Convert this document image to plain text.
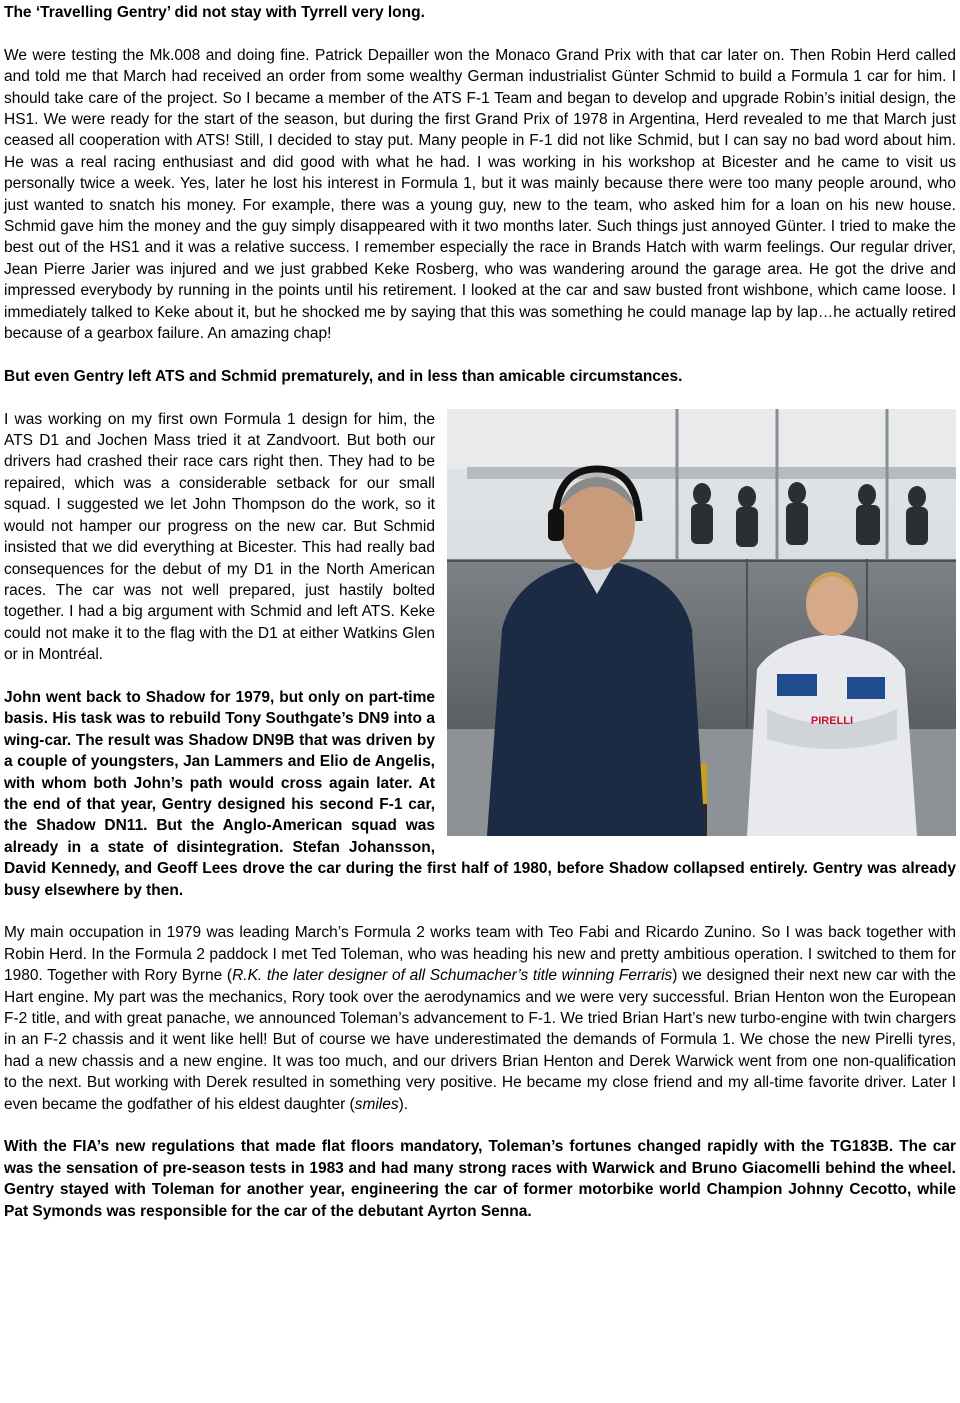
The ‘Travelling Gentry’ did not stay with Tyrrell very long.

We were testing the Mk.008 and doing fine. Patrick Depailler won the Monaco Grand Prix with that car later on. Then Robin Herd called and told me that March had received an order from some wealthy German industrialist Günter Schmid to build a Formula 1 car for him. I should take care of the project. So I became a member of the ATS F-1 Team and began to develop and upgrade Robin’s initial design, the HS1. We were ready for the start of the season, but during the first Grand Prix of 1978 in Argentina, Herd revealed to me that March just ceased all cooperation with ATS! Still, I decided to stay put. Many people in F-1 did not like Schmid, but I can say no bad word about him. He was a real racing enthusiast and did good with what he had. I was working in his workshop at Bicester and he came to visit us personally twice a week. Yes, later he lost his interest in Formula 1, but it was mainly because there were too many people around, who just wanted to snatch his money. For example, there was a young guy, new to the team, who asked him for a loan on his new house. Schmid gave him the money and the guy simply disappeared with it two months later. Such things just annoyed Günter. I tried to make the best out of the HS1 and it was a relative success. I remember especially the race in Brands Hatch with warm feelings. Our regular driver, Jean Pierre Jarier was injured and we just grabbed Keke Rosberg, who was wandering around the garage area. He got the drive and impressed everybody by running in the points until his retirement. I looked at the car and saw busted front wishbone, which came loose. I immediately talked to Keke about it, but he shocked me by saying that this was something he could manage lap by lap…he actually retired because of a gearbox failure. An amazing chap!

But even Gentry left ATS and Schmid prematurely, and in less than amicable circumstances.

PIRELLI

I was working on my first own Formula 1 design for him, the ATS D1 and Jochen Mass tried it at Zandvoort. But both our drivers had crashed their race cars right then. They had to be repaired, which was a considerable setback for our small squad. I suggested we let John Thompson do the work, so it would not hamper our progress on the new car. But Schmid insisted that we did everything at Bicester. This had really bad consequences for the debut of my D1 in the North American races. The car was not well prepared, just hastily bolted together. I had a big argument with Schmid and left ATS. Keke could not make it to the flag with the D1 at either Watkins Glen or in Montréal.

John went back to Shadow for 1979, but only on part-time basis. His task was to rebuild Tony Southgate’s DN9 into a wing-car. The result was Shadow DN9B that was driven by a couple of youngsters, Jan Lammers and Elio de Angelis, with whom both John’s path would cross again later. At the end of that year, Gentry designed his second F-1 car, the Shadow DN11. But the Anglo-American squad was already in a state of disintegration. Stefan Johansson, David Kennedy, and Geoff Lees drove the car during the first half of 1980, before Shadow collapsed entirely. Gentry was already busy elsewhere by then.

My main occupation in 1979 was leading March’s Formula 2 works team with Teo Fabi and Ricardo Zunino. So I was back together with Robin Herd. In the Formula 2 paddock I met Ted Toleman, who was heading his new and pretty ambitious operation. I switched to them for 1980. Together with Rory Byrne (R.K. the later designer of all Schumacher’s title winning Ferraris) we designed their next new car with the Hart engine. My part was the mechanics, Rory took over the aerodynamics and we were very successful. Brian Henton won the European F-2 title, and with great panache, we announced Toleman’s advancement to F-1. We tried Brian Hart’s new turbo-engine with twin chargers in an F-2 chassis and it went like hell! But of course we have underestimated the demands of Formula 1. We chose the new Pirelli tyres, had a new chassis and a new engine. It was too much, and our drivers Brian Henton and Derek Warwick went from one non-qualification to the next. But working with Derek resulted in something very positive. He became my close friend and my all-time favorite driver. Later I even became the godfather of his eldest daughter (smiles).

With the FIA’s new regulations that made flat floors mandatory, Toleman’s fortunes changed rapidly with the TG183B. The car was the sensation of pre-season tests in 1983 and had many strong races with Warwick and Bruno Giacomelli behind the wheel. Gentry stayed with Toleman for another year, engineering the car of former motorbike world Champion Johnny Cecotto, while Pat Symonds was responsible for the car of the debutant Ayrton Senna.
